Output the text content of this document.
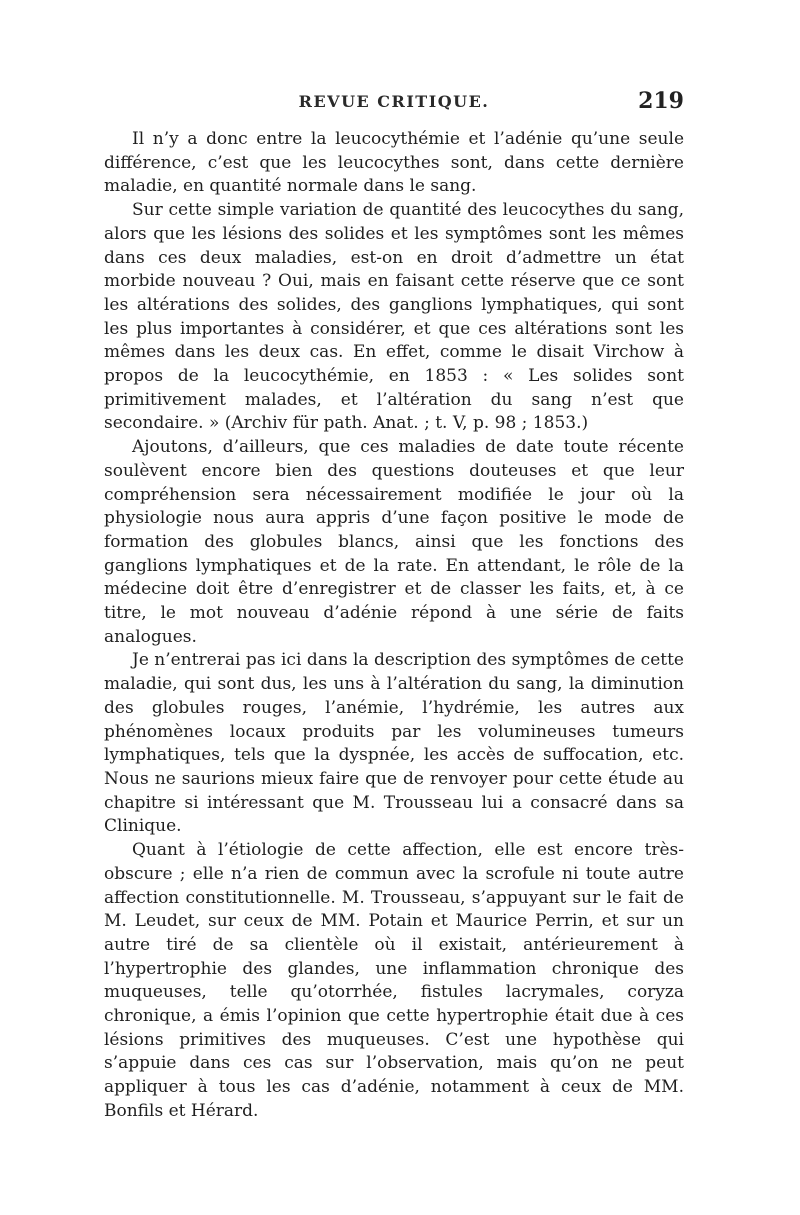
REVUE CRITIQUE.	219

Il n’y a donc entre la leucocythémie et l’adénie qu’une seule différence, c’est que les leucocythes sont, dans cette dernière maladie, en quantité normale dans le sang.

Sur cette simple variation de quantité des leucocythes du sang, alors que les lésions des solides et les symptômes sont les mêmes dans ces deux maladies, est-on en droit d’admettre un état morbide nouveau ? Oui, mais en faisant cette réserve que ce sont les altérations des solides, des ganglions lymphatiques, qui sont les plus importantes à considérer, et que ces altérations sont les mêmes dans les deux cas. En effet, comme le disait Virchow à propos de la leucocythémie, en 1853 : « Les solides sont primitivement malades, et l’altération du sang n’est que secondaire. » (Archiv für path. Anat. ; t. V, p. 98 ; 1853.)

Ajoutons, d’ailleurs, que ces maladies de date toute récente soulèvent encore bien des questions douteuses et que leur compréhension sera nécessairement modifiée le jour où la physiologie nous aura appris d’une façon positive le mode de formation des globules blancs, ainsi que les fonctions des ganglions lymphatiques et de la rate. En attendant, le rôle de la médecine doit être d’enregistrer et de classer les faits, et, à ce titre, le mot nouveau d’adénie répond à une série de faits analogues.

Je n’entrerai pas ici dans la description des symptômes de cette maladie, qui sont dus, les uns à l’altération du sang, la diminution des globules rouges, l’anémie, l’hydrémie, les autres aux phénomènes locaux produits par les volumineuses tumeurs lymphatiques, tels que la dyspnée, les accès de suffocation, etc. Nous ne saurions mieux faire que de renvoyer pour cette étude au chapitre si intéressant que M. Trousseau lui a consacré dans sa Clinique.

Quant à l’étiologie de cette affection, elle est encore très-obscure ; elle n’a rien de commun avec la scrofule ni toute autre affection constitutionnelle. M. Trousseau, s’appuyant sur le fait de M. Leudet, sur ceux de MM. Potain et Maurice Perrin, et sur un autre tiré de sa clientèle où il existait, antérieurement à l’hypertrophie des glandes, une inflammation chronique des muqueuses, telle qu’otorrhée, fistules lacrymales, coryza chronique, a émis l’opinion que cette hypertrophie était due à ces lésions primitives des muqueuses. C’est une hypothèse qui s’appuie dans ces cas sur l’observation, mais qu’on ne peut appliquer à tous les cas d’adénie, notamment à ceux de MM. Bonfils et Hérard.
